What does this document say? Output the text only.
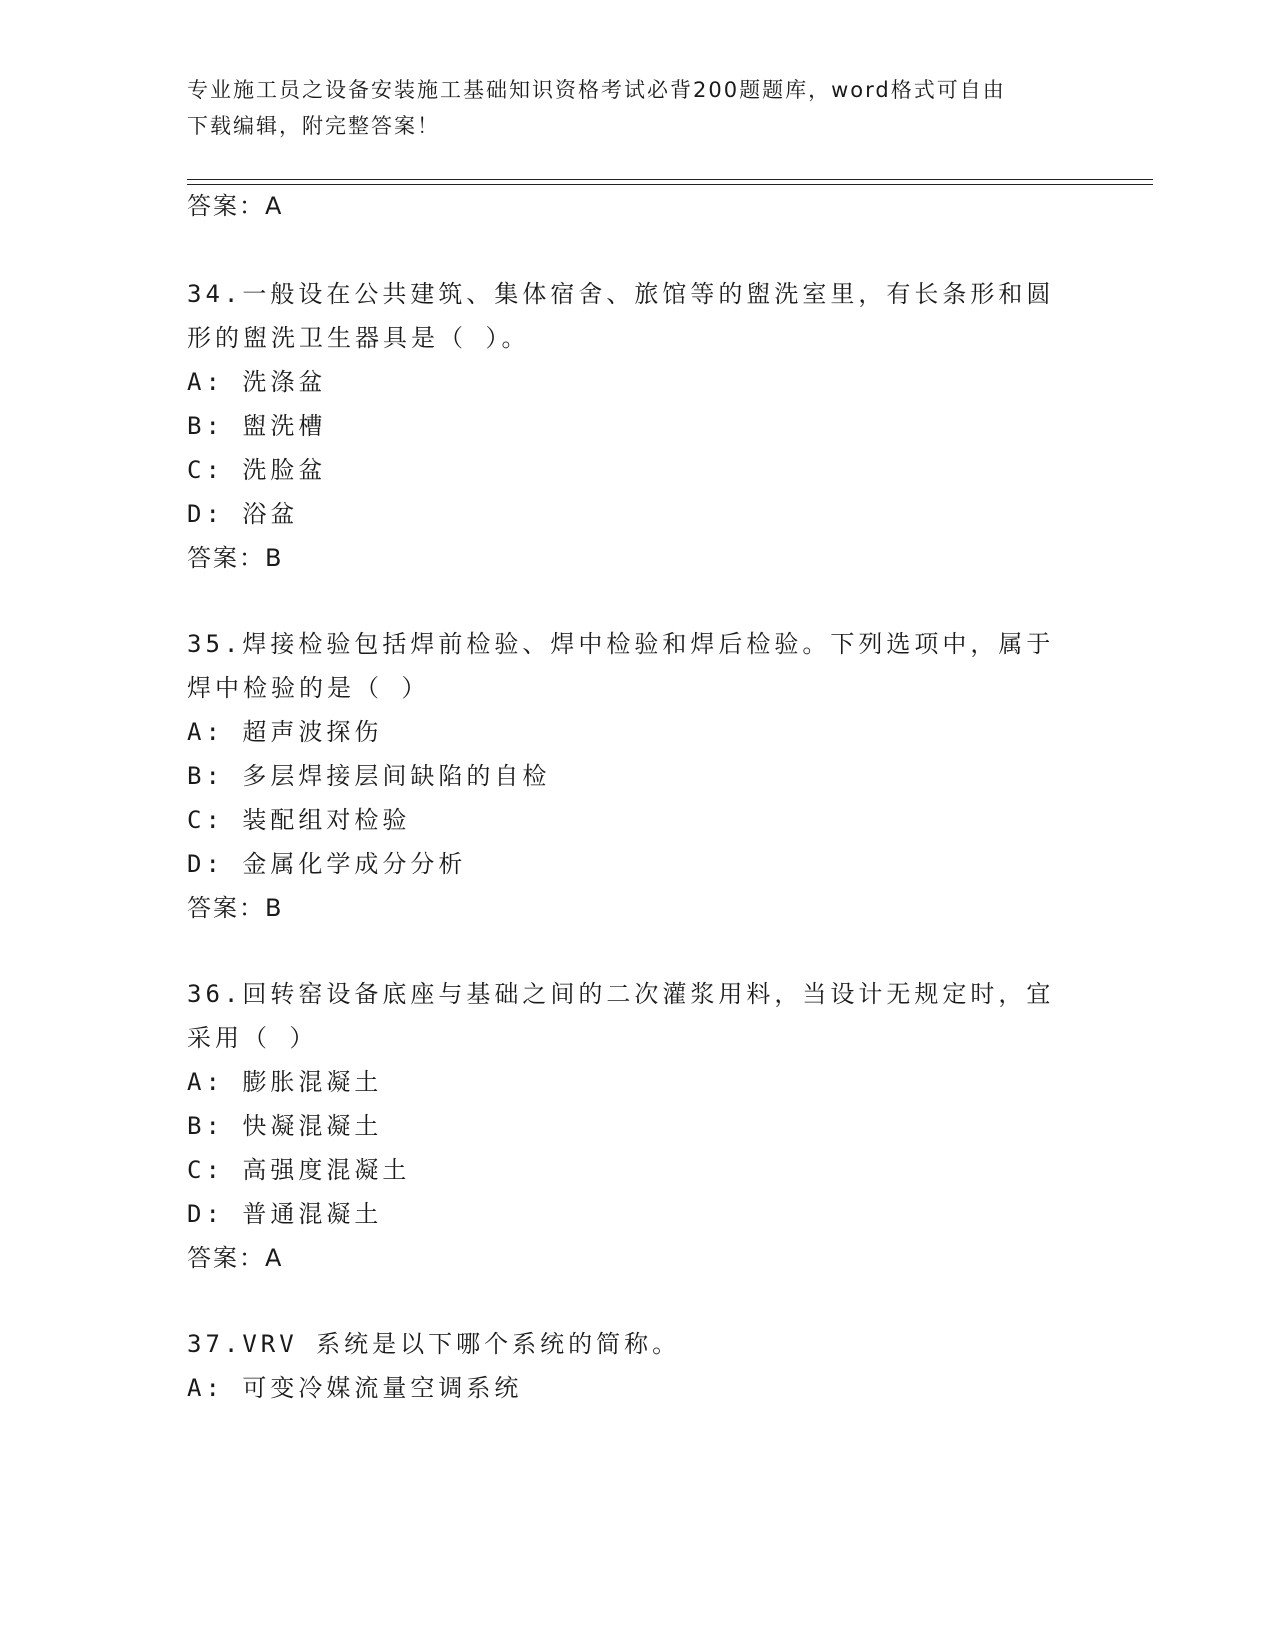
专业施工员之设备安装施工基础知识资格考试必背200题题库，word格式可自由
下载编辑，附完整答案！
答案：A
34.一般设在公共建筑、集体宿舍、旅馆等的盥洗室里，有长条形和圆
形的盥洗卫生器具是（ ）。
A: 洗涤盆
B: 盥洗槽
C: 洗脸盆
D: 浴盆
答案：B
35.焊接检验包括焊前检验、焊中检验和焊后检验。下列选项中，属于
焊中检验的是（ ）
A: 超声波探伤
B: 多层焊接层间缺陷的自检
C: 装配组对检验
D: 金属化学成分分析
答案：B
36.回转窑设备底座与基础之间的二次灌浆用料，当设计无规定时，宜
采用（ ）
A: 膨胀混凝土
B: 快凝混凝土
C: 高强度混凝土
D: 普通混凝土
答案：A
37.VRV 系统是以下哪个系统的简称。
A: 可变冷媒流量空调系统
